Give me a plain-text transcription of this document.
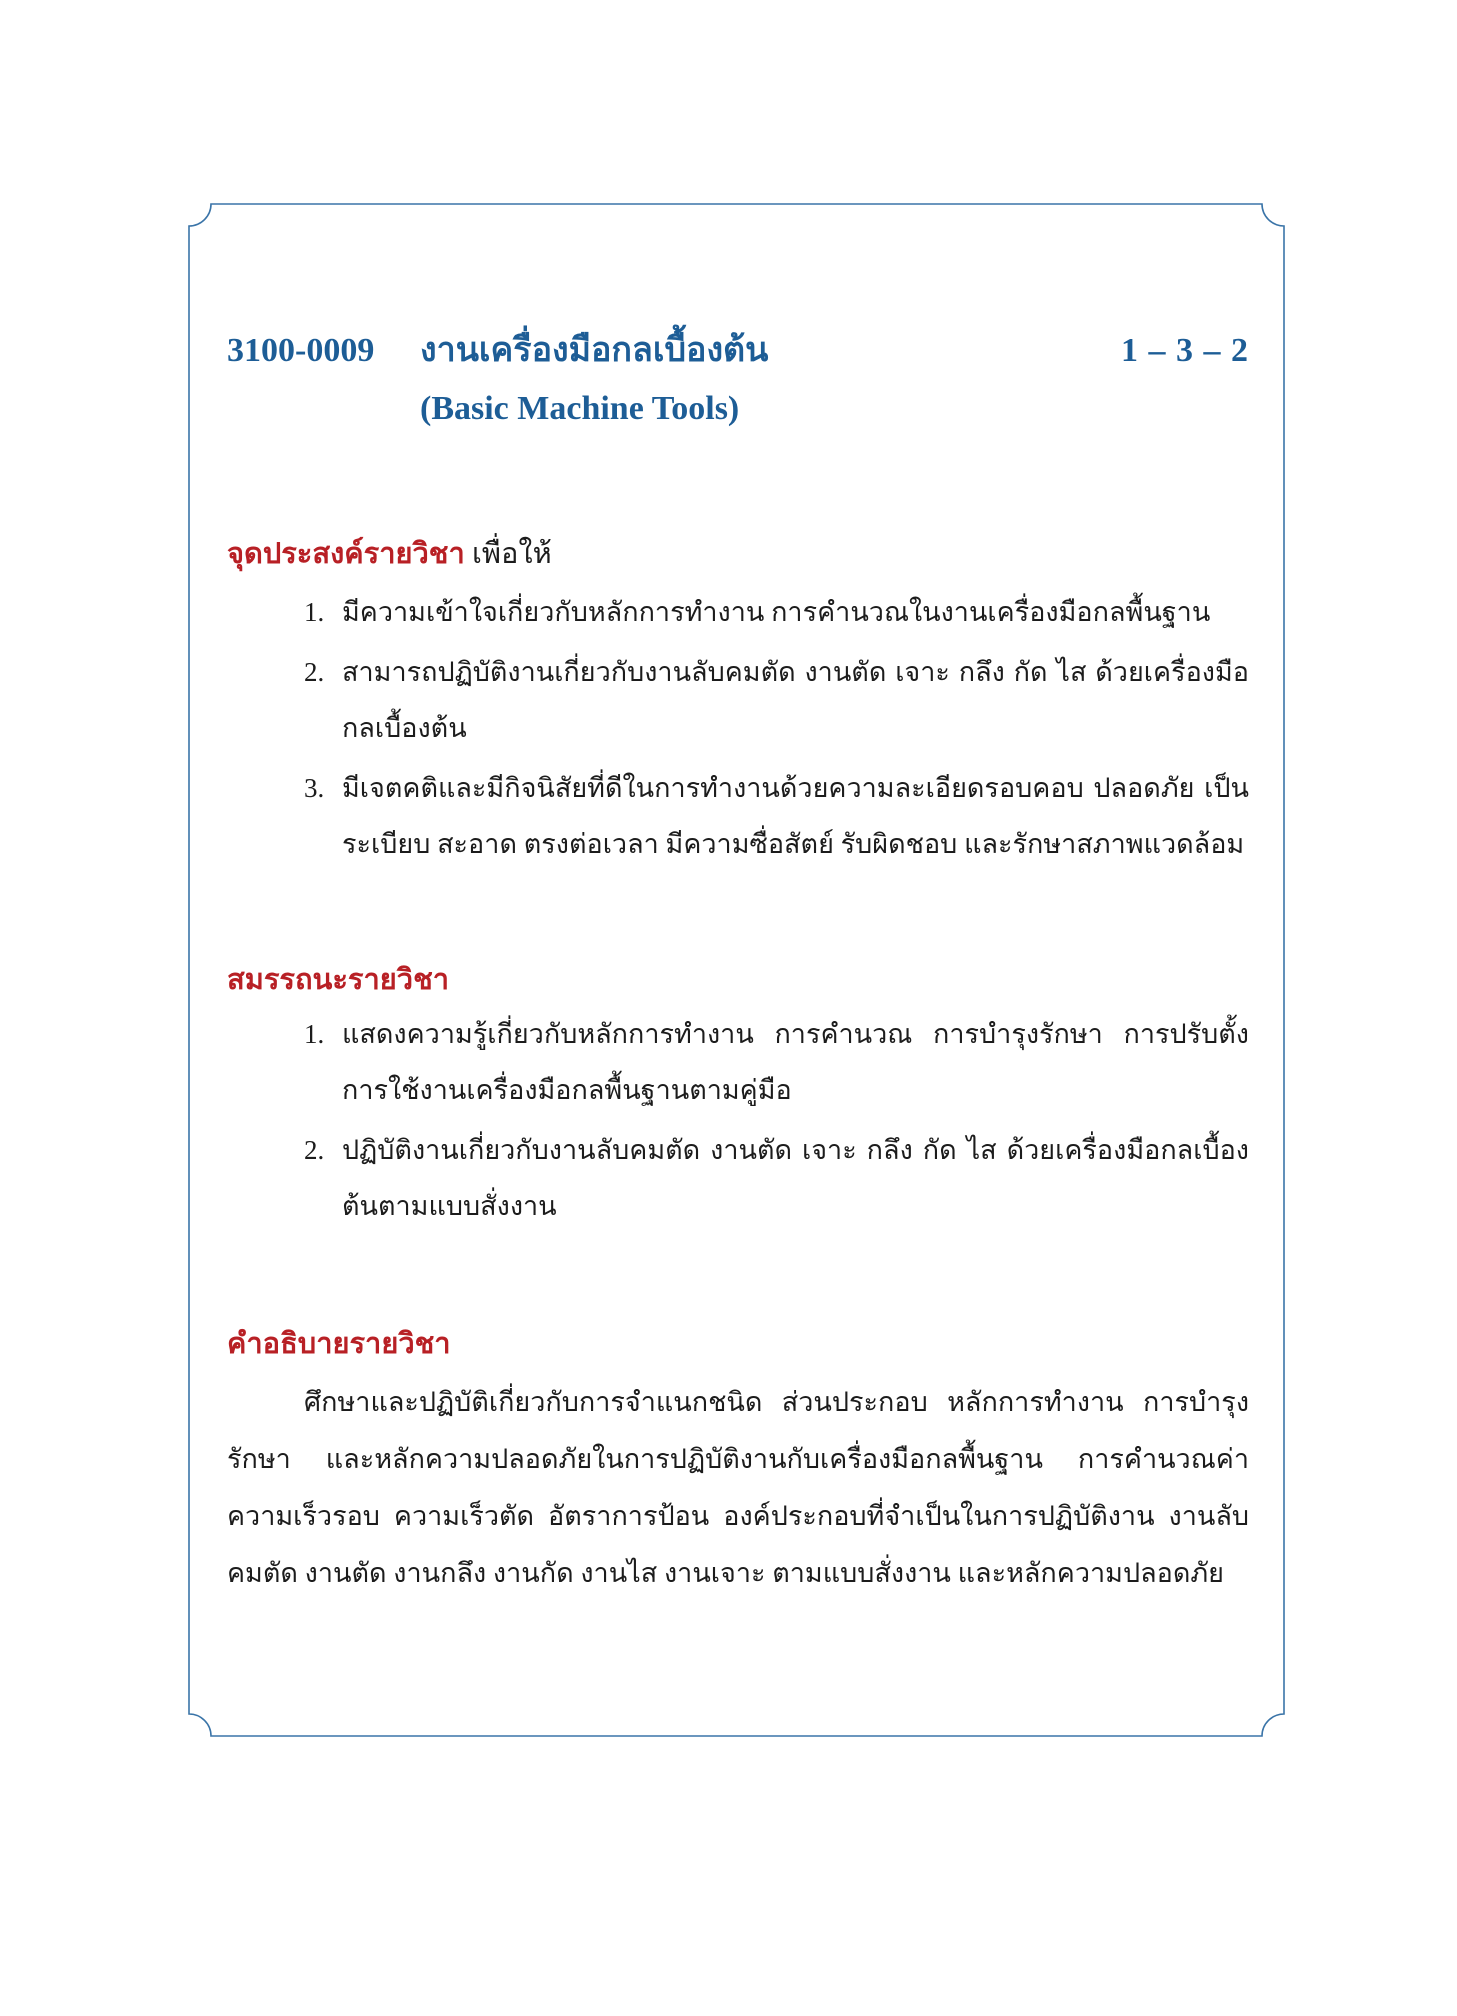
3100-0009 งานเครื่องมือกลเบื้องต้น
(Basic Machine Tools)
1 – 3 – 2
จุดประสงค์รายวิชา เพื่อให้
1. มีความเข้าใจเกี่ยวกับหลักการทำงาน การคำนวณในงานเครื่องมือกลพื้นฐาน
2. สามารถปฏิบัติงานเกี่ยวกับงานลับคมตัด งานตัด เจาะ กลึง กัด ไส ด้วยเครื่องมือกลเบื้องต้น
3. มีเจตคติและมีกิจนิสัยที่ดีในการทำงานด้วยความละเอียดรอบคอบ ปลอดภัย เป็นระเบียบ สะอาด ตรงต่อเวลา มีความซื่อสัตย์ รับผิดชอบ และรักษาสภาพแวดล้อม
สมรรถนะรายวิชา
1. แสดงความรู้เกี่ยวกับหลักการทำงาน การคำนวณ การบำรุงรักษา การปรับตั้ง การใช้งานเครื่องมือกลพื้นฐานตามคู่มือ
2. ปฏิบัติงานเกี่ยวกับงานลับคมตัด งานตัด เจาะ กลึง กัด ไส ด้วยเครื่องมือกลเบื้องต้นตามแบบสั่งงาน
คำอธิบายรายวิชา

ศึกษาและปฏิบัติเกี่ยวกับการจำแนกชนิด ส่วนประกอบ หลักการทำงาน การบำรุงรักษา และหลักความปลอดภัยในการปฏิบัติงานกับเครื่องมือกลพื้นฐาน การคำนวณค่าความเร็วรอบ ความเร็วตัด อัตราการป้อน องค์ประกอบที่จำเป็นในการปฏิบัติงาน งานลับคมตัด งานตัด งานกลึง งานกัด งานไส งานเจาะ ตามแบบสั่งงาน และหลักความปลอดภัย
